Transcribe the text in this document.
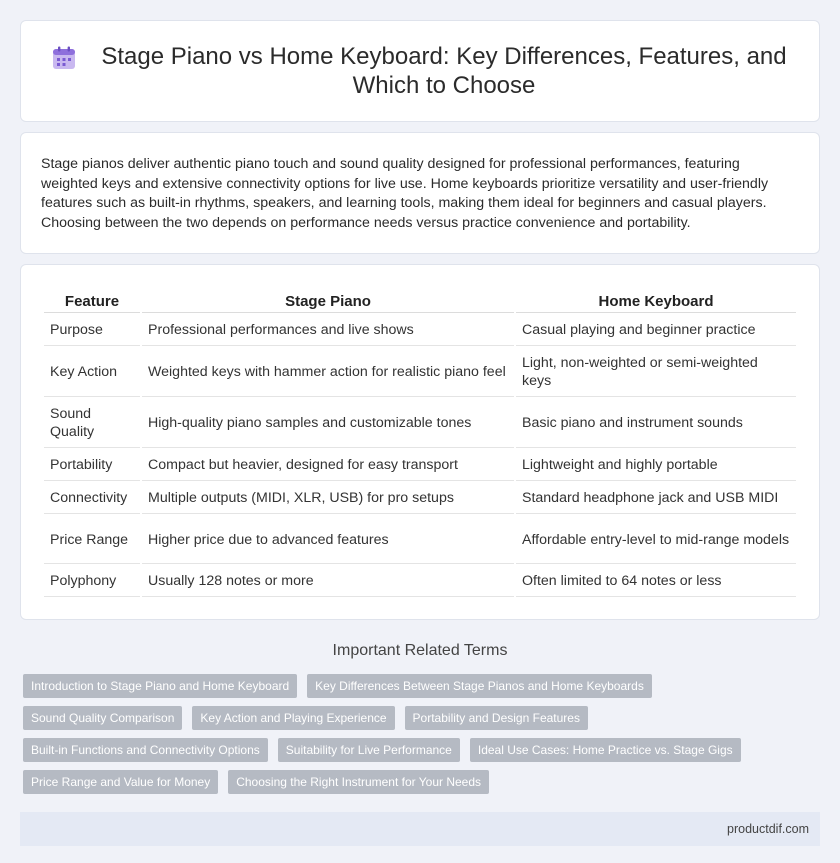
Stage Piano vs Home Keyboard: Key Differences, Features, and Which to Choose

Stage pianos deliver authentic piano touch and sound quality designed for professional performances, featuring weighted keys and extensive connectivity options for live use. Home keyboards prioritize versatility and user-friendly features such as built-in rhythms, speakers, and learning tools, making them ideal for beginners and casual players. Choosing between the two depends on performance needs versus practice convenience and portability.

Feature	Stage Piano	Home Keyboard
Purpose	Professional performances and live shows	Casual playing and beginner practice
Key Action	Weighted keys with hammer action for realistic piano feel	Light, non-weighted or semi-weighted keys
Sound Quality	High-quality piano samples and customizable tones	Basic piano and instrument sounds
Portability	Compact but heavier, designed for easy transport	Lightweight and highly portable
Connectivity	Multiple outputs (MIDI, XLR, USB) for pro setups	Standard headphone jack and USB MIDI
Price Range	Higher price due to advanced features	Affordable entry-level to mid-range models
Polyphony	Usually 128 notes or more	Often limited to 64 notes or less
Important Related Terms
Introduction to Stage Piano and Home Keyboard	Key Differences Between Stage Pianos and Home Keyboards
Sound Quality Comparison	Key Action and Playing Experience	Portability and Design Features
Built-in Functions and Connectivity Options	Suitability for Live Performance	Ideal Use Cases: Home Practice vs. Stage Gigs
Price Range and Value for Money	Choosing the Right Instrument for Your Needs
productdif.com
